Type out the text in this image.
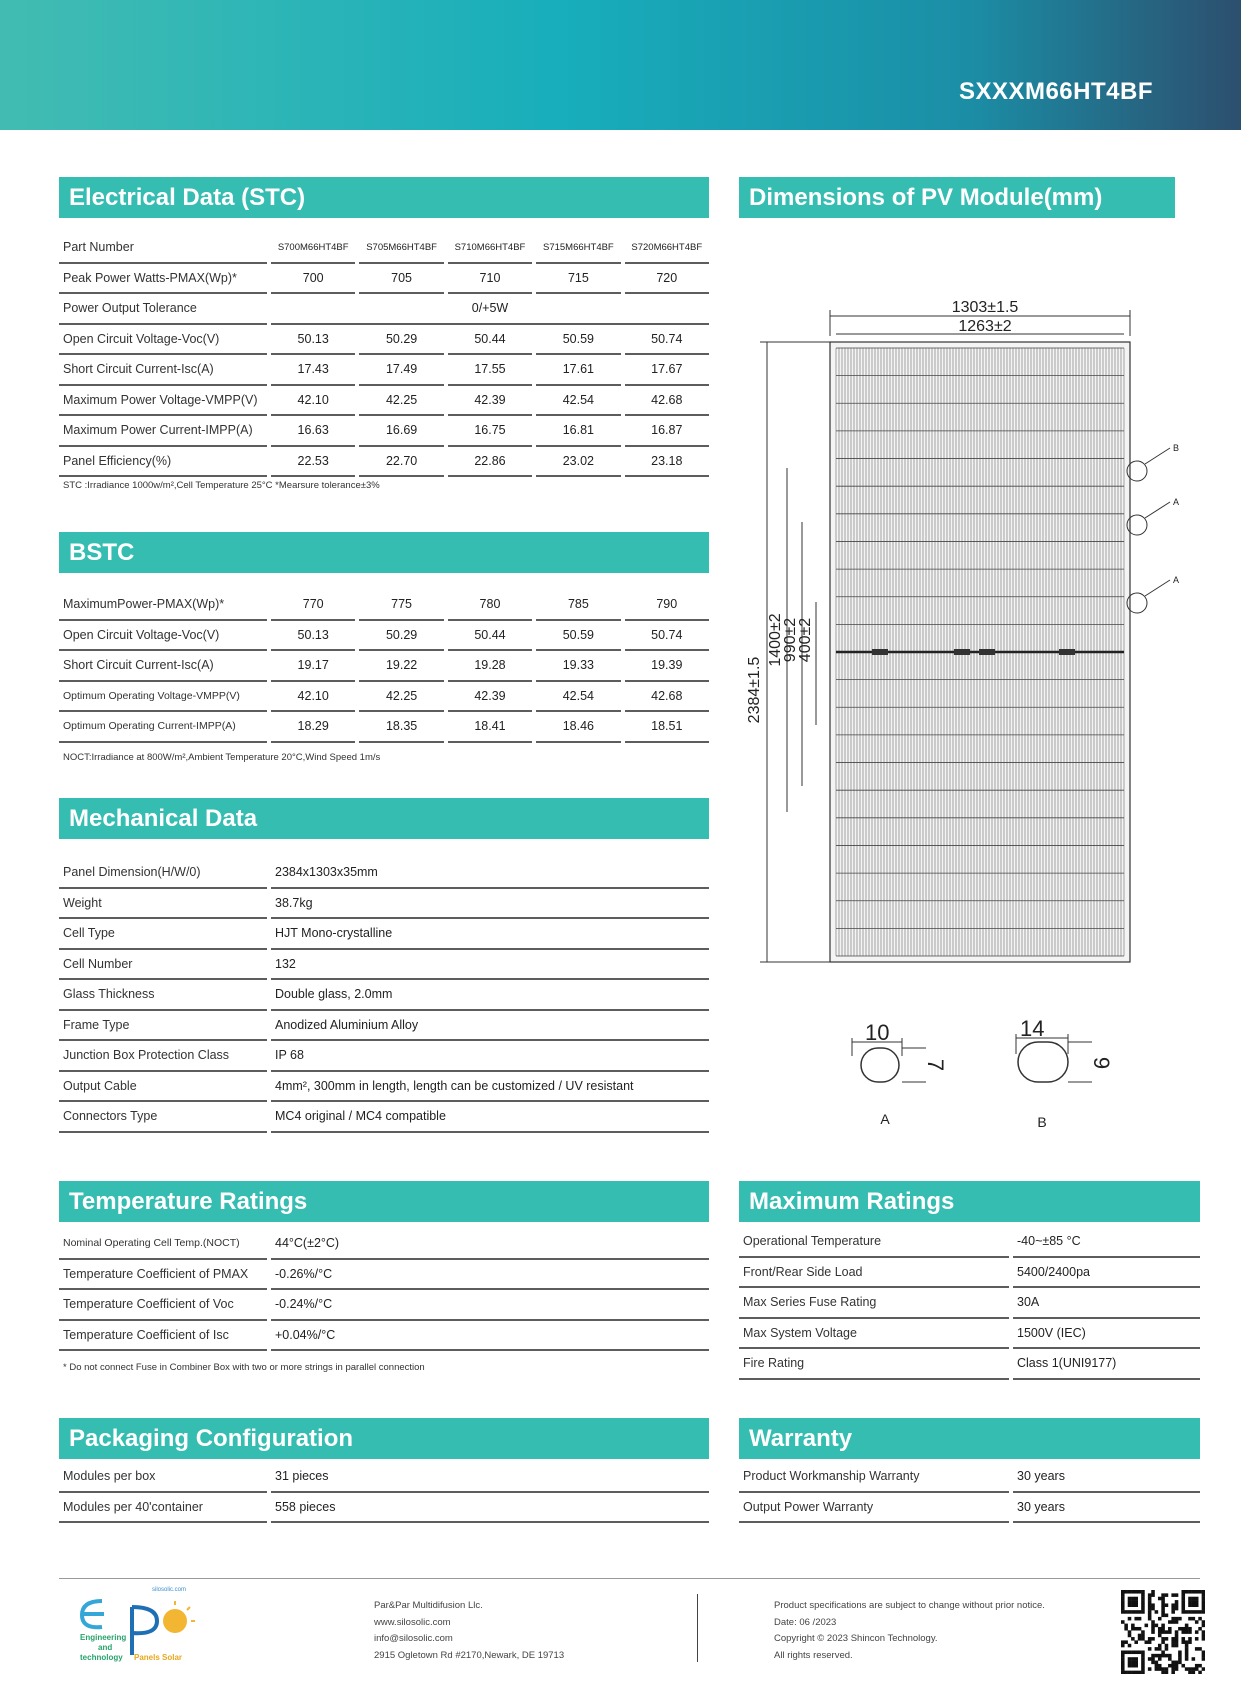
SXXXM66HT4BF
Electrical Data (STC)
Part Number	S700M66HT4BF	S705M66HT4BF	S710M66HT4BF	S715M66HT4BF	S720M66HT4BF
Peak Power Watts-PMAX(Wp)*	700	705	710	715	720
Power Output Tolerance	0/+5W				
Open Circuit Voltage-Voc(V)	50.13	50.29	50.44	50.59	50.74
Short Circuit Current-Isc(A)	17.43	17.49	17.55	17.61	17.67
Maximum Power Voltage-VMPP(V)	42.10	42.25	42.39	42.54	42.68
Maximum Power Current-IMPP(A)	16.63	16.69	16.75	16.81	16.87
Panel Efficiency(%)	22.53	22.70	22.86	23.02	23.18
STC :Irradiance 1000w/m²,Cell Temperature 25°C *Mearsure tolerance±3%
BSTC
MaximumPower-PMAX(Wp)*	770	775	780	785	790
Open Circuit Voltage-Voc(V)	50.13	50.29	50.44	50.59	50.74
Short Circuit Current-Isc(A)	19.17	19.22	19.28	19.33	19.39
Optimum Operating Voltage-VMPP(V)	42.10	42.25	42.39	42.54	42.68
Optimum Operating Current-IMPP(A)	18.29	18.35	18.41	18.46	18.51
NOCT:Irradiance at 800W/m²,Ambient Temperature 20°C,Wind Speed 1m/s
Mechanical Data
Panel Dimension(H/W/0)	2384x1303x35mm
Weight	38.7kg
Cell Type	HJT Mono-crystalline
Cell Number	132
Glass Thickness	Double glass, 2.0mm
Frame Type	Anodized Aluminium Alloy
Junction Box Protection Class	IP 68
Output Cable	4mm², 300mm in length, length can be customized / UV resistant
Connectors Type	MC4 original / MC4 compatible
Dimensions of PV Module(mm)
1303±1.5
1263±2
2384±1.5
1400±2
990±2
400±2
B
A
A
10
7
A
14
9
B
Temperature Ratings
Nominal Operating Cell Temp.(NOCT)	44°C(±2°C)
Temperature Coefficient of PMAX	-0.26%/°C
Temperature Coefficient of Voc	-0.24%/°C
Temperature Coefficient of Isc	+0.04%/°C
* Do not connect Fuse in Combiner Box with two or more strings in parallel connection
Maximum Ratings
Operational Temperature	-40~±85 °C
Front/Rear Side Load	5400/2400pa
Max Series Fuse Rating	30A
Max System Voltage	1500V (IEC)
Fire Rating	Class 1(UNI9177)
Packaging Configuration
Modules per box	31 pieces
Modules per 40'container	558 pieces
Warranty
Product Workmanship Warranty	30 years
Output Power Warranty	30 years
silosolic.com
Engineering
and
technology Panels Solar
Par&Par Multidifusion Llc.
www.silosolic.com
info@silosolic.com
2915 Ogletown Rd #2170,Newark, DE 19713
Product specifications are subject to change without prior notice.
Date: 06 /2023
Copyright © 2023 Shincon Technology.
All rights reserved.
